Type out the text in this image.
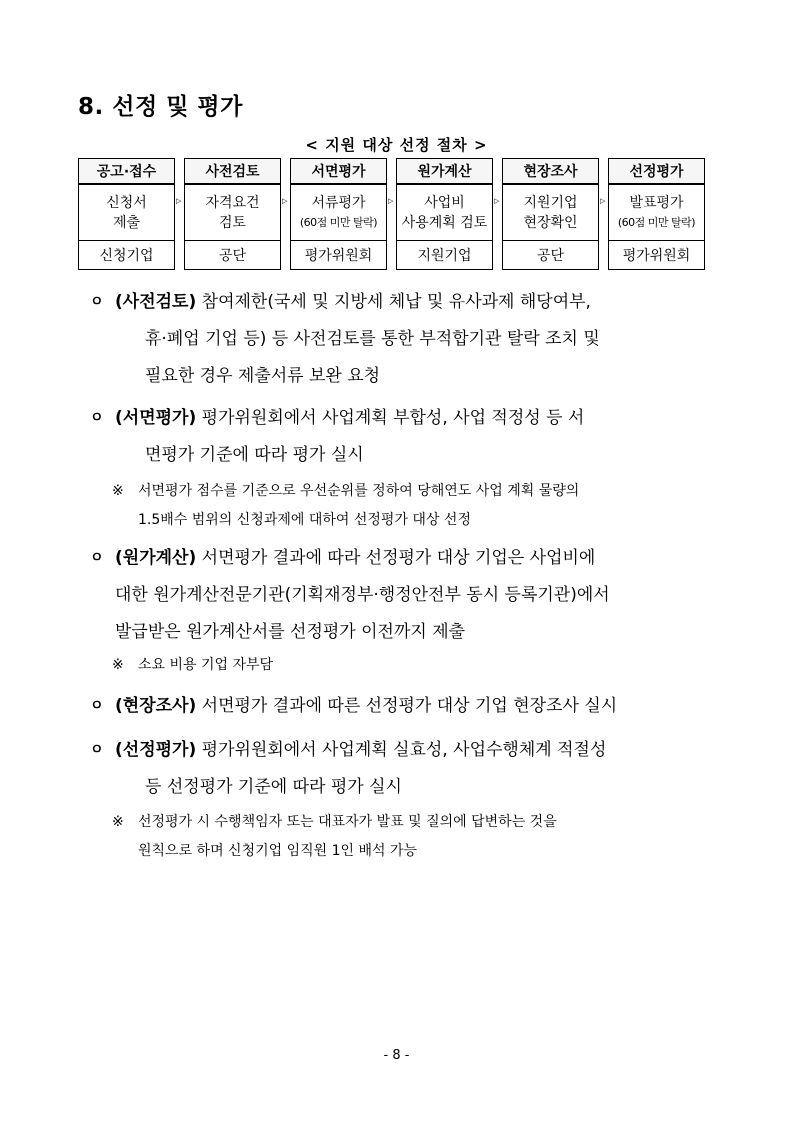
8. 선정 및 평가
< 지원 대상 선정 절차 >
공고·접수
신청서
제출
신청기업
▷
사전검토
자격요건
검토
공단
▷
서면평가
서류평가
(60점 미만 탈락)
평가위원회
▷
원가계산
사업비
사용계획 검토
지원기업
▷
현장조사
지원기업
현장확인
공단
▷
선정평가
발표평가
(60점 미만 탈락)
평가위원회
ㅇ (사전검토) 참여제한(국세 및 지방세 체납 및 유사과제 해당여부,
휴·폐업 기업 등) 등 사전검토를 통한 부적합기관 탈락 조치 및
필요한 경우 제출서류 보완 요청
ㅇ (서면평가) 평가위원회에서 사업계획 부합성, 사업 적정성 등 서
면평가 기준에 따라 평가 실시
※ 서면평가 점수를 기준으로 우선순위를 정하여 당해연도 사업 계획 물량의
1.5배수 범위의 신청과제에 대하여 선정평가 대상 선정
ㅇ (원가계산) 서면평가 결과에 따라 선정평가 대상 기업은 사업비에
대한 원가계산전문기관(기획재정부·행정안전부 동시 등록기관)에서
발급받은 원가계산서를 선정평가 이전까지 제출
※ 소요 비용 기업 자부담
ㅇ (현장조사) 서면평가 결과에 따른 선정평가 대상 기업 현장조사 실시
ㅇ (선정평가) 평가위원회에서 사업계획 실효성, 사업수행체계 적절성
등 선정평가 기준에 따라 평가 실시
※ 선정평가 시 수행책임자 또는 대표자가 발표 및 질의에 답변하는 것을
원칙으로 하며 신청기업 임직원 1인 배석 가능
- 8 -
